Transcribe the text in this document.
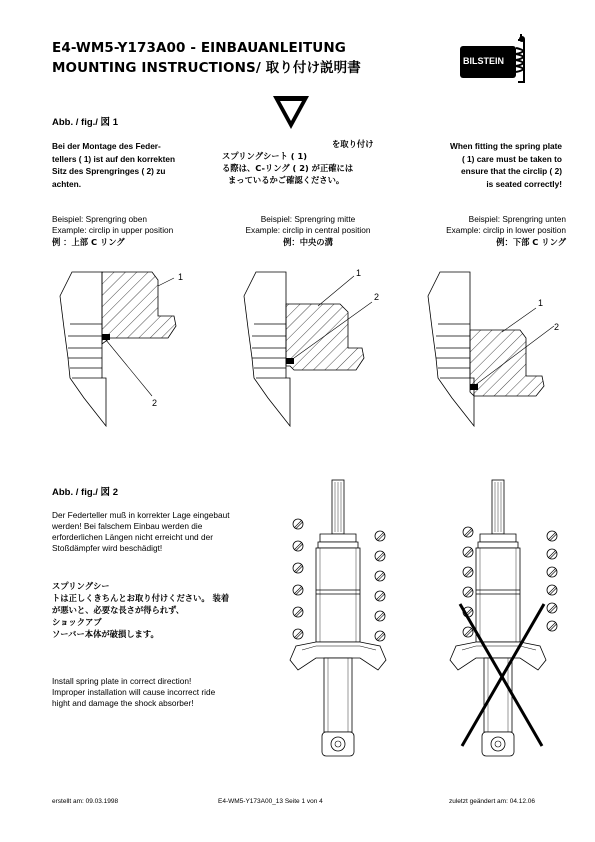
E4-WM5-Y173A00 - EINBAUANLEITUNG
MOUNTING INSTRUCTIONS/ 取り付け説明書	BILSTEIN
Abb. / fig./ 図 1
Bei der Montage des Feder-
tellers ( 1) ist auf den korrekten
Sitz des Sprengringes ( 2) zu
achten.
を取り付け
スプリングシート ( 1)
る際は、C-リング ( 2) が正確には
まっているかご確認ください。
When fitting the spring plate
( 1) care must be taken to
ensure that the circlip ( 2)
is seated correctly!
Beispiel: Sprengring oben
Example: circlip in upper position
例 ：上部 C リング
Beispiel: Sprengring mitte
Example: circlip in central position
例：中央の溝
Beispiel: Sprengring unten
Example: circlip in lower position
例：下部 C リング
1
2
1
2
1
2
Abb. / fig./ 図 2
Der Federteller muß in korrekter Lage eingebaut
werden! Bei falschem Einbau werden die
erforderlichen Längen nicht erreicht und der
Stoßdämpfer wird beschädigt!
スプリングシー
トは正しくきちんとお取り付けください。 装着
が悪いと、必要な長さが得られず、
ショックアブ
ソーバー本体が破損します。
Install spring plate in correct direction!
Improper installation will cause incorrect ride
hight and damage the shock absorber!
erstellt am: 09.03.1998	E4-WM5-Y173A00_13 Seite 1 von 4	zuletzt geändert am: 04.12.06
